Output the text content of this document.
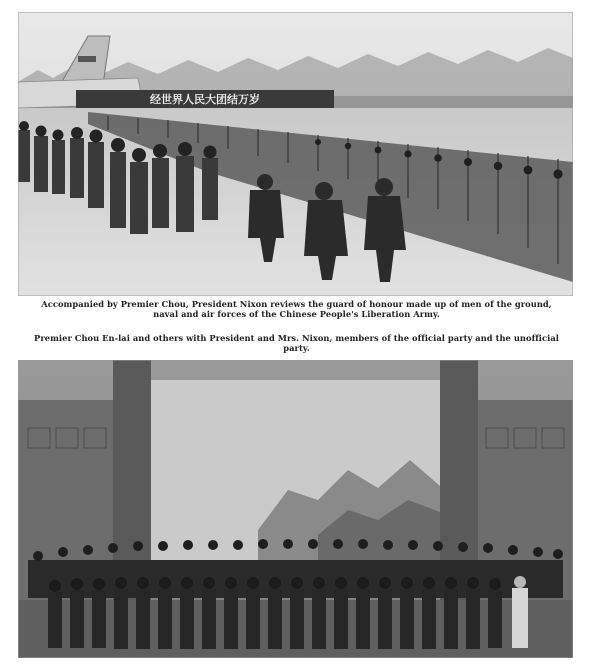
经世界人民大团结万岁
Accompanied by Premier Chou, President Nixon reviews the guard of honour made up of men of the ground, naval and air forces of the Chinese People's Liberation Army.
Premier Chou En-lai and others with President and Mrs. Nixon, members of the official party and the unofficial party.
